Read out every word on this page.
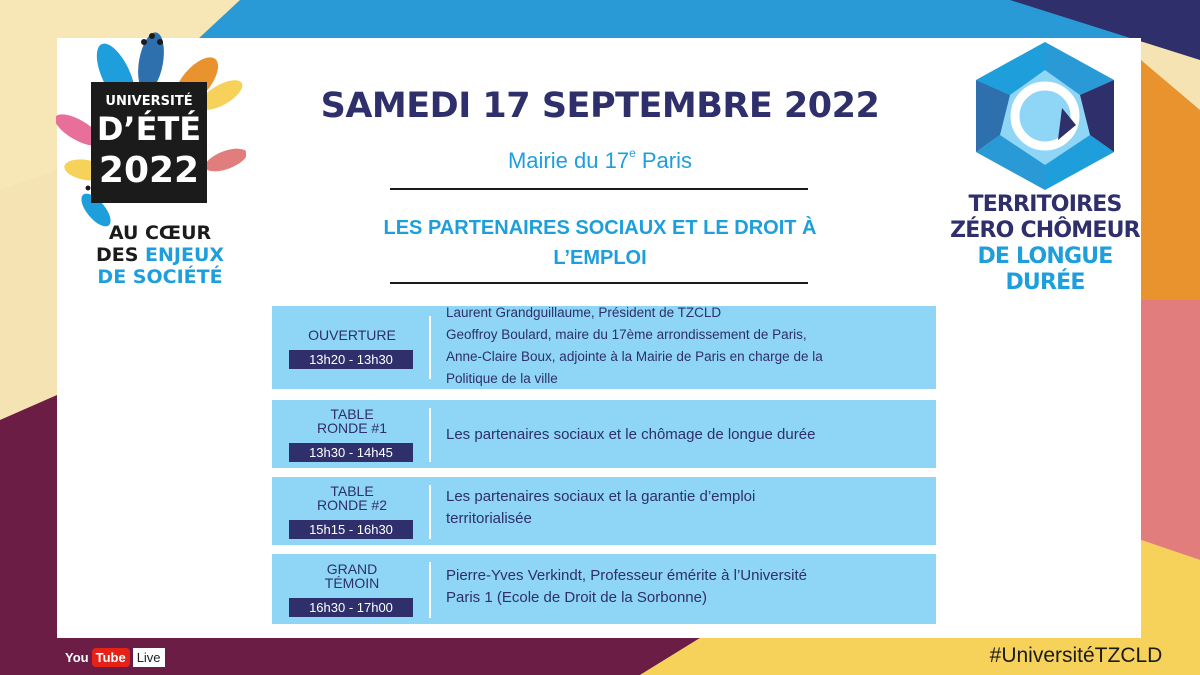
UNIVERSITÉ
D’ÉTÉ
2022
AU CŒUR
DES ENJEUX
DE SOCIÉTÉ
SAMEDI 17 SEPTEMBRE 2022
Mairie du 17e Paris
LES PARTENAIRES SOCIAUX ET LE DROIT À
L’EMPLOI
TERRITOIRES
ZÉRO CHÔMEUR
DE LONGUE
DURÉE
OUVERTURE
13h20 - 13h30
Laurent Grandguillaume, Président de TZCLD
Geoffroy Boulard, maire du 17ème arrondissement de Paris,
Anne-Claire Boux, adjointe à la Mairie de Paris en charge de la
Politique de la ville
TABLE
RONDE #1
13h30 - 14h45
Les partenaires sociaux et le chômage de longue durée
TABLE
RONDE #2
15h15 - 16h30
Les partenaires sociaux et la garantie d’emploi
territorialisée
GRAND
TÉMOIN
16h30 - 17h00
Pierre-Yves Verkindt, Professeur émérite à l’Université
Paris 1 (Ecole de Droit de la Sorbonne)
You Tube Live	#UniversitéTZCLD
